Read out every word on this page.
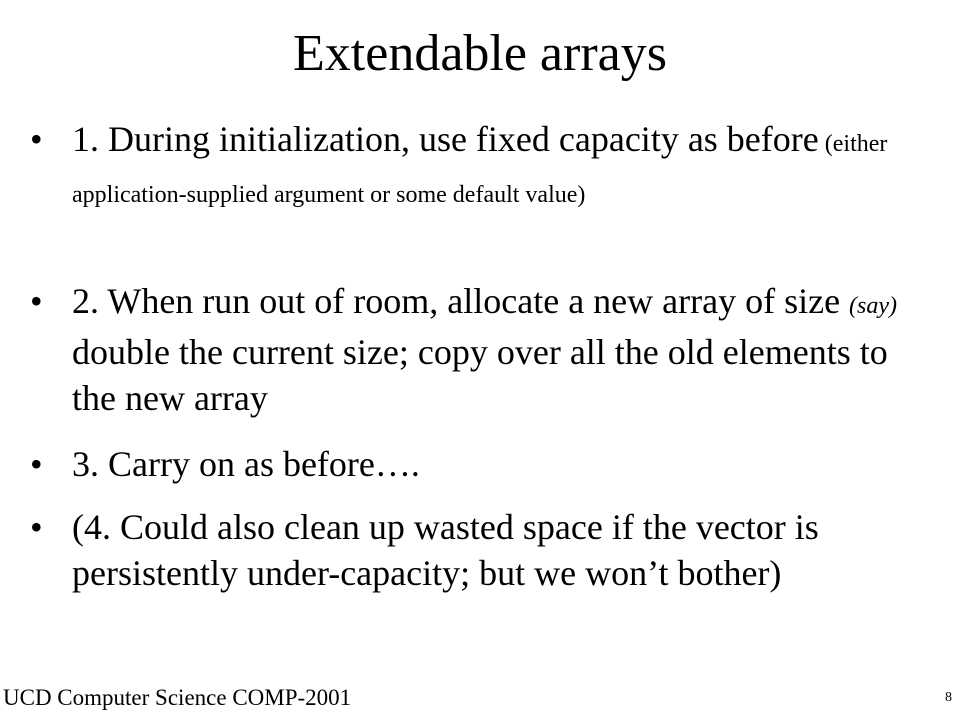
Extendable arrays
• 1. During initialization, use fixed capacity as before (either application-supplied argument or some default value)
• 2. When run out of room, allocate a new array of size (say) double the current size; copy over all the old elements to the new array
• 3. Carry on as before….
• (4. Could also clean up wasted space if the vector is persistently under-capacity; but we won’t bother)
UCD Computer Science COMP-2001	8
